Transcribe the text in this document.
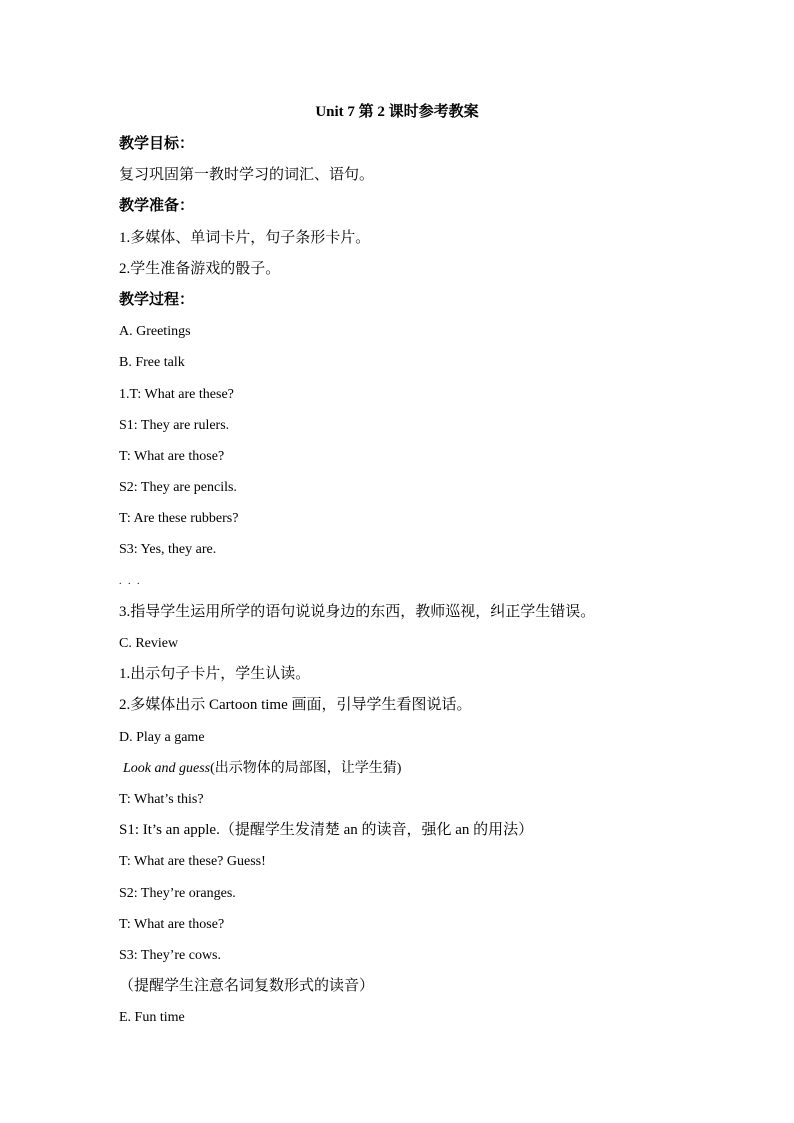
Unit 7 第 2 课时参考教案
教学目标：
复习巩固第一教时学习的词汇、语句。
教学准备：
1.多媒体、单词卡片，句子条形卡片。
2.学生准备游戏的骰子。
教学过程：
A. Greetings
B. Free talk
1.T: What are these?
S1: They are rulers.
T: What are those?
S2: They are pencils.
T: Are these rubbers?
S3: Yes, they are.
. . .
3.指导学生运用所学的语句说说身边的东西，教师巡视，纠正学生错误。
C. Review
1.出示句子卡片，学生认读。
2.多媒体出示 Cartoon time 画面，引导学生看图说话。
D. Play a game
Look and guess(出示物体的局部图，让学生猜)
T: What’s this?
S1: It’s an apple.（提醒学生发清楚 an 的读音，强化 an 的用法）
T: What are these? Guess!
S2: They’re oranges.
T: What are those?
S3: They’re cows.
（提醒学生注意名词复数形式的读音）
E. Fun time
